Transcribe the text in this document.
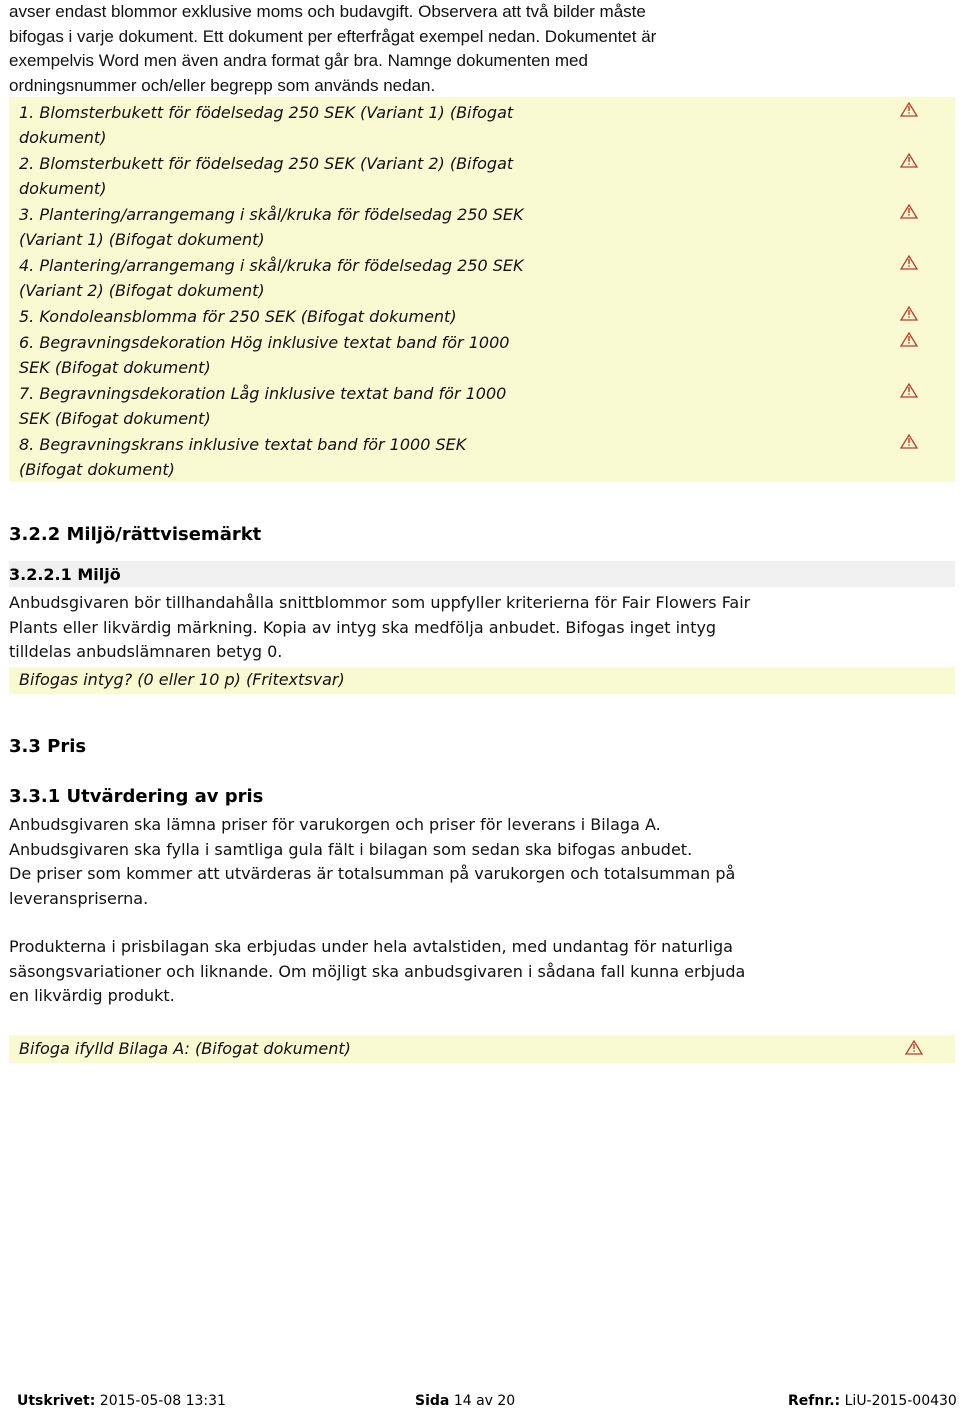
avser endast blommor exklusive moms och budavgift. Observera att två bilder måste
bifogas i varje dokument. Ett dokument per efterfrågat exempel nedan. Dokumentet är
exempelvis Word men även andra format går bra. Namnge dokumenten med
ordningsnummer och/eller begrepp som används nedan.
1. Blomsterbukett för födelsedag 250 SEK (Variant 1) (Bifogat
dokument)
2. Blomsterbukett för födelsedag 250 SEK (Variant 2) (Bifogat
dokument)
3. Plantering/arrangemang i skål/kruka för födelsedag 250 SEK
(Variant 1) (Bifogat dokument)
4. Plantering/arrangemang i skål/kruka för födelsedag 250 SEK
(Variant 2) (Bifogat dokument)
5. Kondoleansblomma för 250 SEK (Bifogat dokument)
6. Begravningsdekoration Hög inklusive textat band för 1000
SEK (Bifogat dokument)
7. Begravningsdekoration Låg inklusive textat band för 1000
SEK (Bifogat dokument)
8. Begravningskrans inklusive textat band för 1000 SEK
(Bifogat dokument)
3.2.2 Miljö/rättvisemärkt
3.2.2.1 Miljö
Anbudsgivaren bör tillhandahålla snittblommor som uppfyller kriterierna för Fair Flowers Fair
Plants eller likvärdig märkning. Kopia av intyg ska medfölja anbudet. Bifogas inget intyg
tilldelas anbudslämnaren betyg 0.
Bifogas intyg? (0 eller 10 p) (Fritextsvar)
3.3 Pris
3.3.1 Utvärdering av pris
Anbudsgivaren ska lämna priser för varukorgen och priser för leverans i Bilaga A.
Anbudsgivaren ska fylla i samtliga gula fält i bilagan som sedan ska bifogas anbudet.
De priser som kommer att utvärderas är totalsumman på varukorgen och totalsumman på
leveranspriserna.
Produkterna i prisbilagan ska erbjudas under hela avtalstiden, med undantag för naturliga
säsongsvariationer och liknande. Om möjligt ska anbudsgivaren i sådana fall kunna erbjuda
en likvärdig produkt.
Bifoga ifylld Bilaga A: (Bifogat dokument)
Utskrivet: 2015-05-08 13:31	Sida 14 av 20	Refnr.: LiU-2015-00430
